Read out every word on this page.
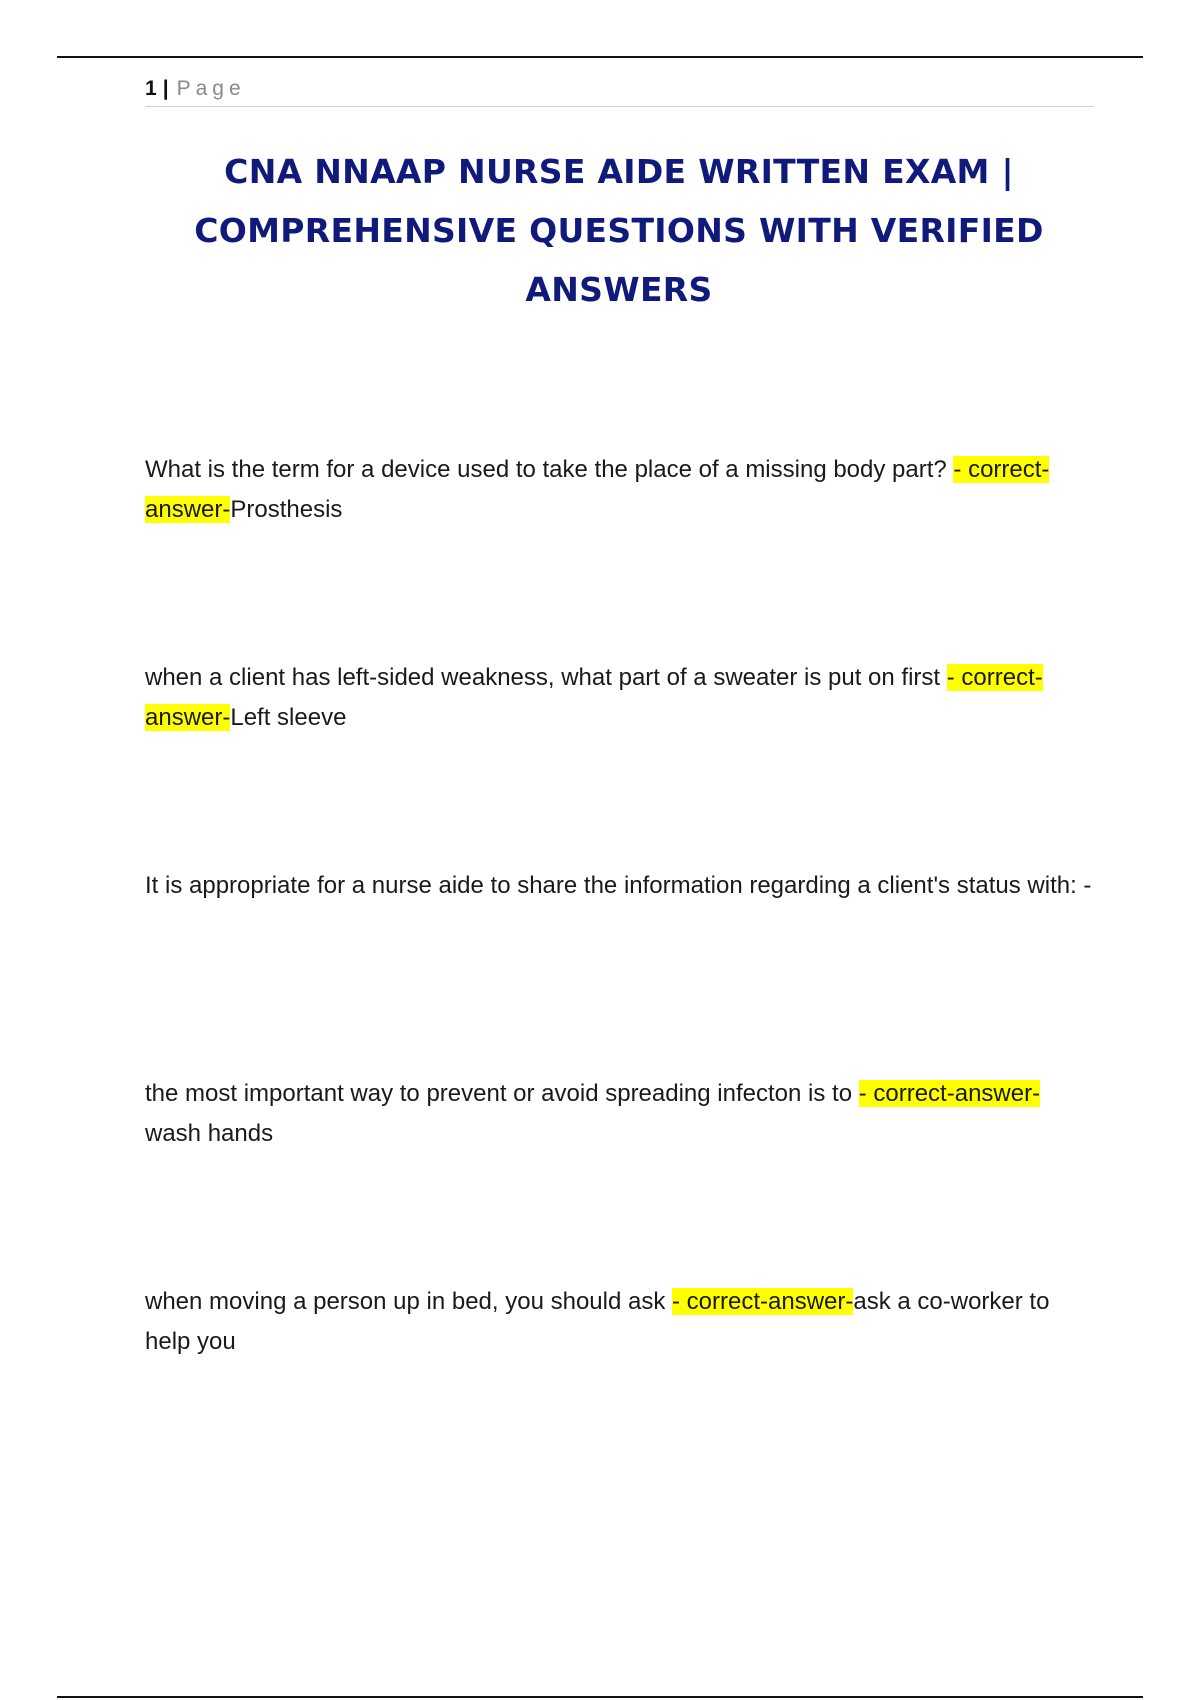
1 | Page
CNA NNAAP NURSE AIDE WRITTEN EXAM |
COMPREHENSIVE QUESTIONS WITH VERIFIED
ANSWERS

What is the term for a device used to take the place of a missing body part? - correct-answer-Prosthesis

when a client has left-sided weakness, what part of a sweater is put on first - correct-answer-Left sleeve

It is appropriate for a nurse aide to share the information regarding a client's status with: -

the most important way to prevent or avoid spreading infecton is to - correct-answer-wash hands

when moving a person up in bed, you should ask - correct-answer-ask a co-worker to help you
